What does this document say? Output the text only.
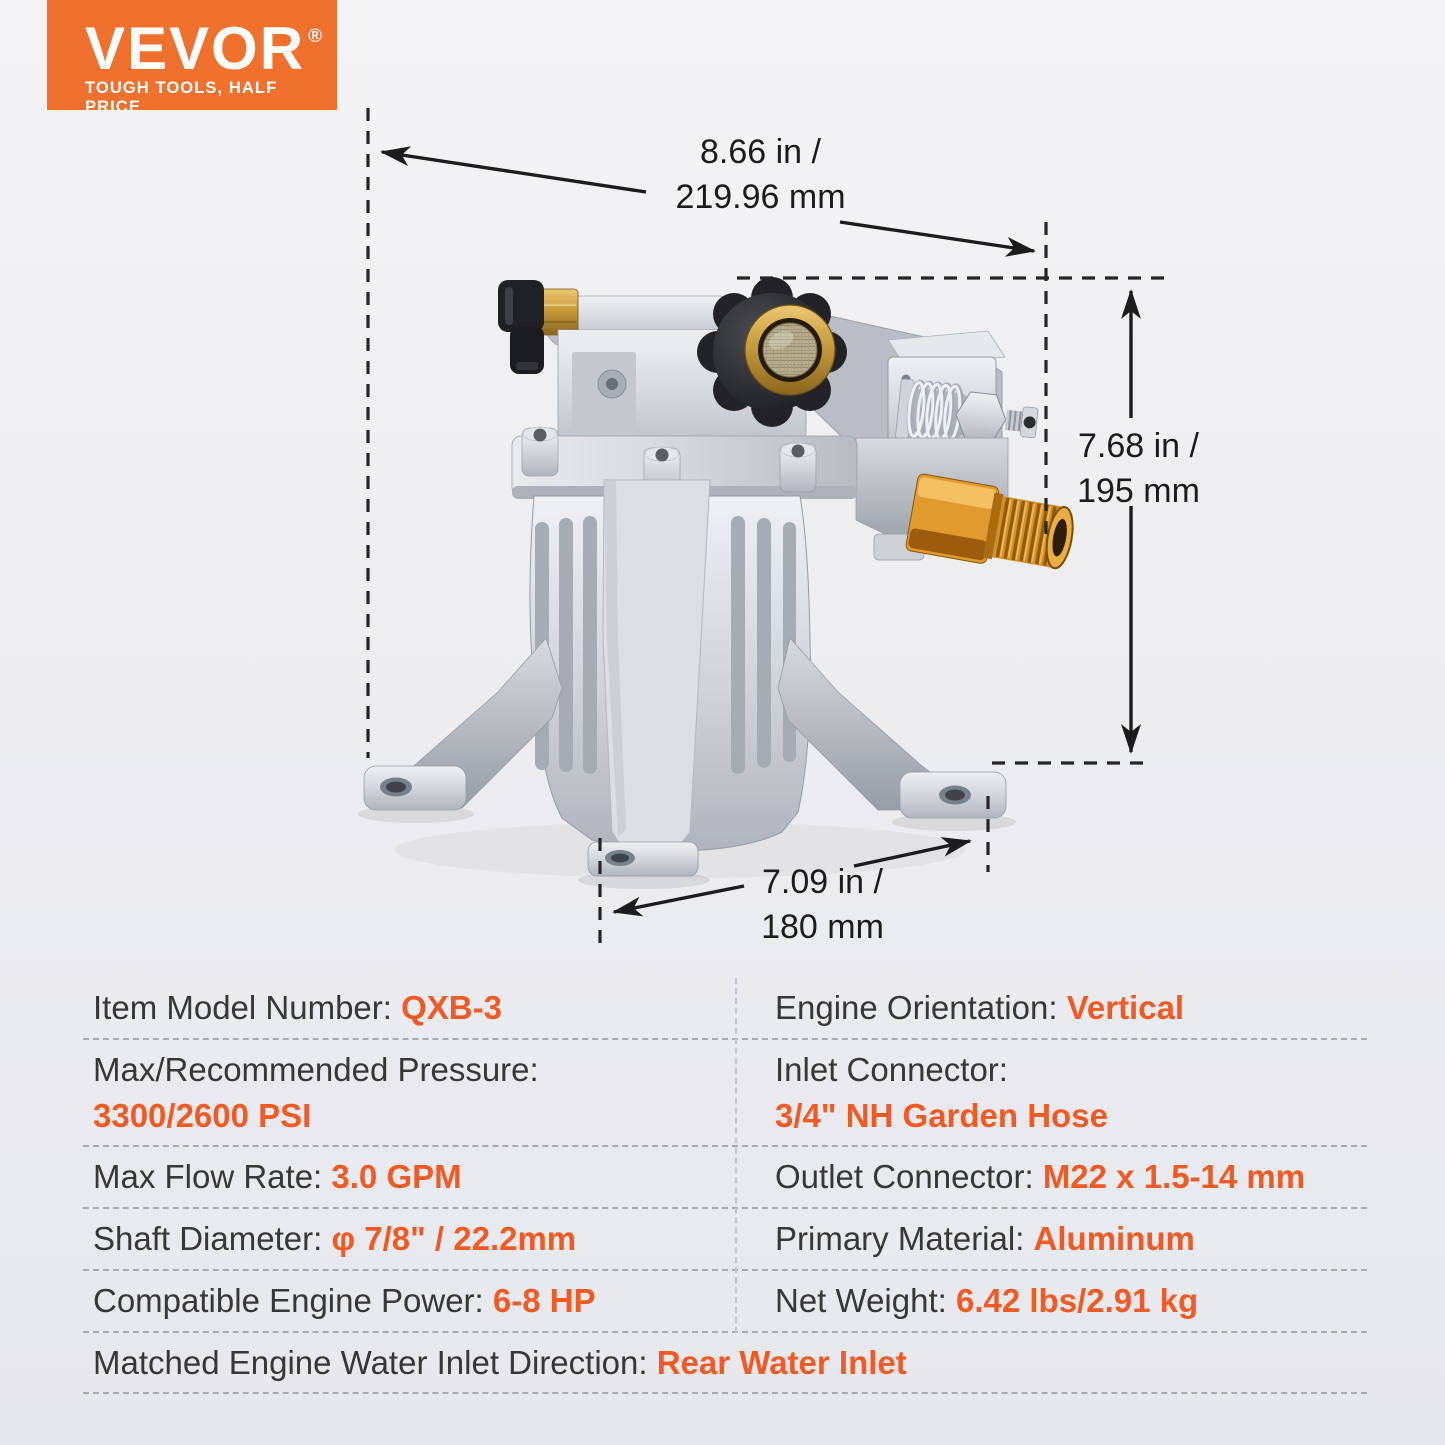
VEVOR ®
TOUGH TOOLS, HALF PRICE
8.66 in /
219.96 mm
7.68 in /
195 mm
7.09 in /
180 mm
Item Model Number: QXB-3	Engine Orientation: Vertical
Max/Recommended Pressure:
3300/2600 PSI
Inlet Connector:
3/4" NH Garden Hose
Max Flow Rate: 3.0 GPM	Outlet Connector: M22 x 1.5-14 mm
Shaft Diameter: φ 7/8" / 22.2mm	Primary Material: Aluminum
Compatible Engine Power: 6-8 HP	Net Weight: 6.42 lbs/2.91 kg
Matched Engine Water Inlet Direction: Rear Water Inlet
